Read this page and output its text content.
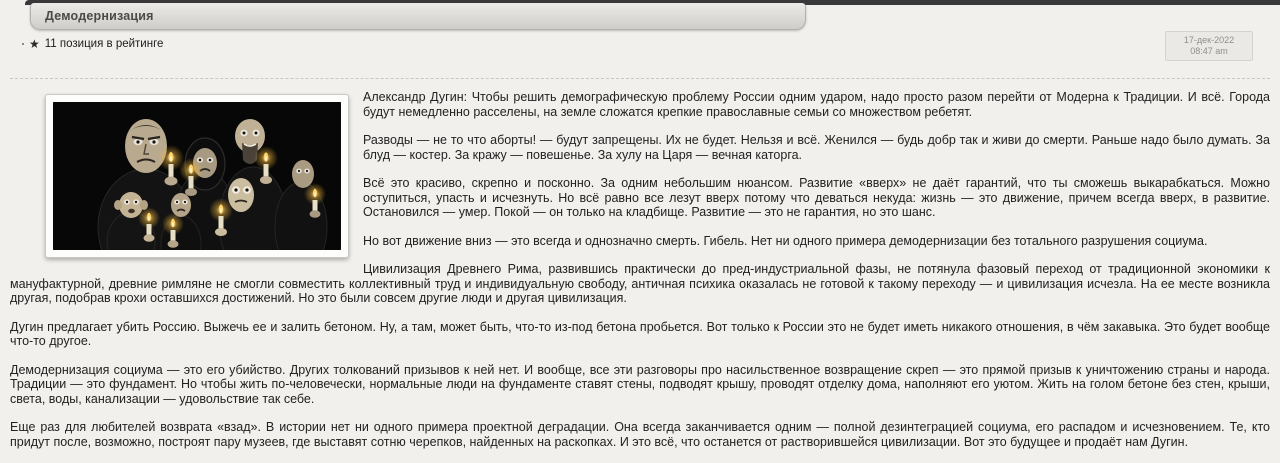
Демодернизация
17-дек-2022
08:47 am
★ 11 позиция в рейтинге

Александр Дугин: Чтобы решить демографическую проблему России одним ударом, надо просто разом перейти от Модерна к Традиции. И всё. Города будут немедленно расселены, на земле сложатся крепкие православные семьи со множеством ребетят.

Разводы — не то что аборты! — будут запрещены. Их не будет. Нельзя и всё. Женился — будь добр так и живи до смерти. Раньше надо было думать. За блуд — костер. За кражу — повешенье. За хулу на Царя — вечная каторга.

Всё это красиво, скрепно и посконно. За одним небольшим нюансом. Развитие «вверх» не даёт гарантий, что ты сможешь выкарабкаться. Можно оступиться, упасть и исчезнуть. Но всё равно все лезут вверх потому что деваться некуда: жизнь — это движение, причем всегда вверх, в развитие. Остановился — умер. Покой — он только на кладбище. Развитие — это не гарантия, но это шанс.

Но вот движение вниз — это всегда и однозначно смерть. Гибель. Нет ни одного примера демодернизации без тотального разрушения социума.

Цивилизация Древнего Рима, развившись практически до пред-индустриальной фазы, не потянула фазовый переход от традиционной экономики к мануфактурной, древние римляне не смогли совместить коллективный труд и индивидуальную свободу, античная психика оказалась не готовой к такому переходу — и цивилизация исчезла. На ее месте возникла другая, подобрав крохи оставшихся достижений. Но это были совсем другие люди и другая цивилизация.

Дугин предлагает убить Россию. Выжечь ее и залить бетоном. Ну, а там, может быть, что-то из-под бетона пробьется. Вот только к России это не будет иметь никакого отношения, в чём закавыка. Это будет вообще что-то другое.

Демодернизация социума — это его убийство. Других толкований призывов к ней нет. И вообще, все эти разговоры про насильственное возвращение скреп — это прямой призыв к уничтожению страны и народа. Традиции — это фундамент. Но чтобы жить по-человечески, нормальные люди на фундаменте ставят стены, подводят крышу, проводят отделку дома, наполняют его уютом. Жить на голом бетоне без стен, крыши, света, воды, канализации — удовольствие так себе.

Еще раз для любителей возврата «взад». В истории нет ни одного примера проектной деградации. Она всегда заканчивается одним — полной дезинтеграцией социума, его распадом и исчезновением. Те, кто придут после, возможно, построят пару музеев, где выставят сотню черепков, найденных на раскопках. И это всё, что останется от растворившейся цивилизации. Вот это будущее и продаёт нам Дугин.
